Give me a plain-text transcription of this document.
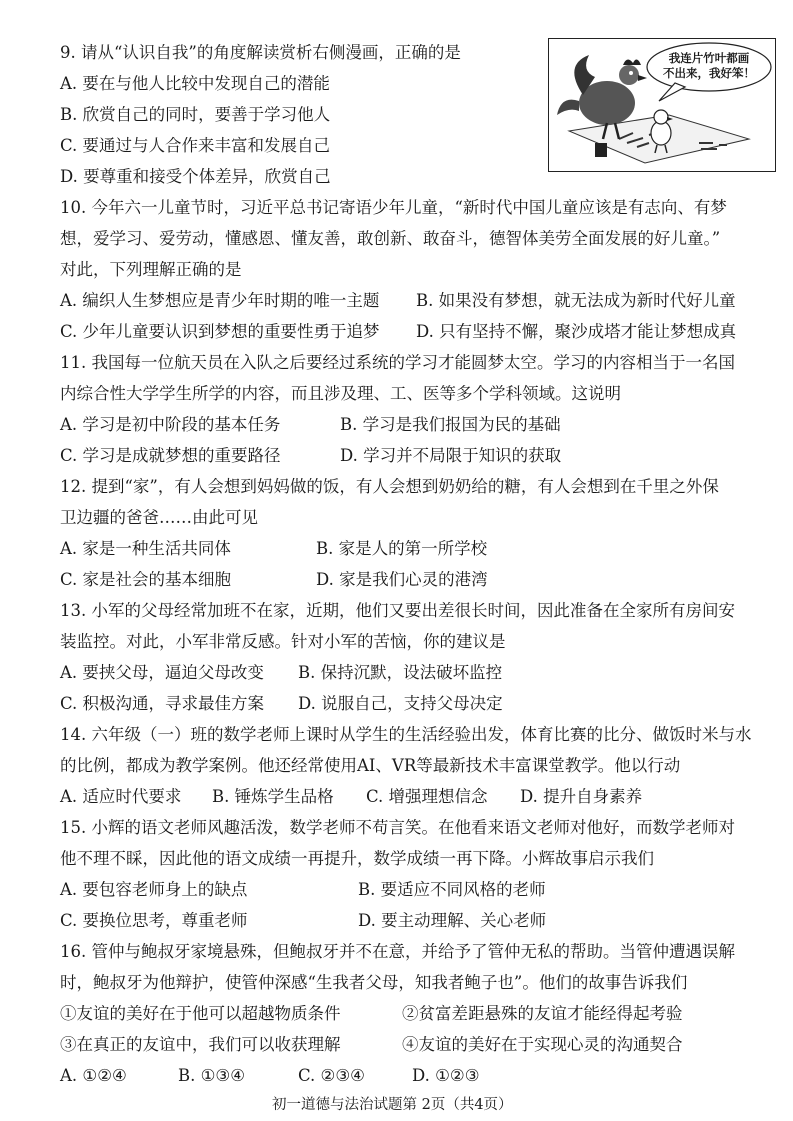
9. 请从“认识自我”的角度解读赏析右侧漫画，正确的是
A. 要在与他人比较中发现自己的潜能
B. 欣赏自己的同时，要善于学习他人
C. 要通过与人合作来丰富和发展自己
D. 要尊重和接受个体差异，欣赏自己
我连片竹叶都画
不出来，我好笨！
10. 今年六一儿童节时，习近平总书记寄语少年儿童，“新时代中国儿童应该是有志向、有梦
想，爱学习、爱劳动，懂感恩、懂友善，敢创新、敢奋斗，德智体美劳全面发展的好儿童。”
对此，下列理解正确的是
A. 编织人生梦想应是青少年时期的唯一主题 B. 如果没有梦想，就无法成为新时代好儿童
C. 少年儿童要认识到梦想的重要性勇于追梦 D. 只有坚持不懈，聚沙成塔才能让梦想成真
11. 我国每一位航天员在入队之后要经过系统的学习才能圆梦太空。学习的内容相当于一名国
内综合性大学学生所学的内容，而且涉及理、工、医等多个学科领域。这说明
A. 学习是初中阶段的基本任务	B. 学习是我们报国为民的基础
C. 学习是成就梦想的重要路径	D. 学习并不局限于知识的获取
12. 提到“家”，有人会想到妈妈做的饭，有人会想到奶奶给的糖，有人会想到在千里之外保
卫边疆的爸爸……由此可见
A. 家是一种生活共同体	B. 家是人的第一所学校
C. 家是社会的基本细胞	D. 家是我们心灵的港湾
13. 小军的父母经常加班不在家，近期，他们又要出差很长时间，因此准备在全家所有房间安
装监控。对此，小军非常反感。针对小军的苦恼，你的建议是
A. 要挟父母，逼迫父母改变 B. 保持沉默，设法破坏监控
C. 积极沟通，寻求最佳方案 D. 说服自己，支持父母决定
14. 六年级（一）班的数学老师上课时从学生的生活经验出发，体育比赛的比分、做饭时米与水
的比例，都成为教学案例。他还经常使用AI、VR等最新技术丰富课堂教学。他以行动
A. 适应时代要求 B. 锤炼学生品格 C. 增强理想信念 D. 提升自身素养
15. 小辉的语文老师风趣活泼，数学老师不苟言笑。在他看来语文老师对他好，而数学老师对
他不理不睬，因此他的语文成绩一再提升，数学成绩一再下降。小辉故事启示我们
A. 要包容老师身上的缺点	B. 要适应不同风格的老师
C. 要换位思考，尊重老师	D. 要主动理解、关心老师
16. 管仲与鲍叔牙家境悬殊，但鲍叔牙并不在意，并给予了管仲无私的帮助。当管仲遭遇误解
时，鲍叔牙为他辩护，使管仲深感“生我者父母，知我者鲍子也”。他们的故事告诉我们
①友谊的美好在于他可以超越物质条件	②贫富差距悬殊的友谊才能经得起考验
③在真正的友谊中，我们可以收获理解	④友谊的美好在于实现心灵的沟通契合
A. ①②④	B. ①③④	C. ②③④	D. ①②③
初一道德与法治试题第 2页（共4页）
